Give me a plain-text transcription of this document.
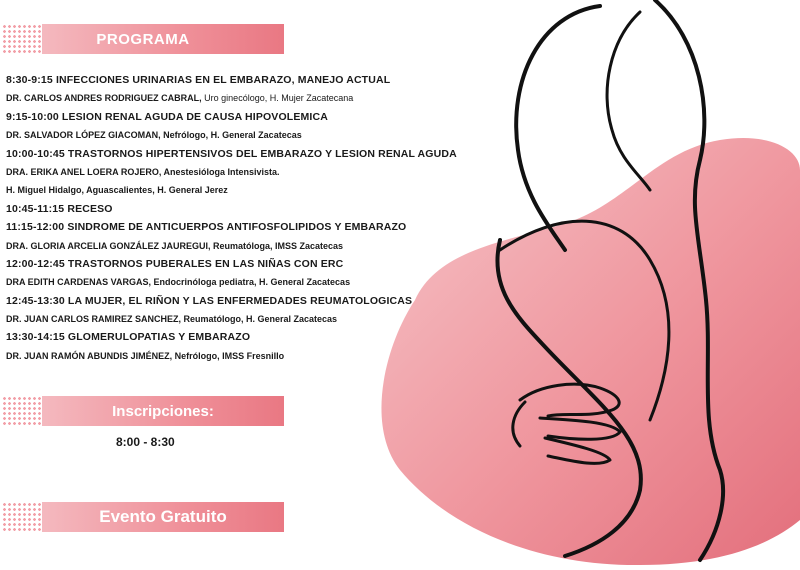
PROGRAMA
8:30-9:15 INFECCIONES URINARIAS EN EL EMBARAZO, MANEJO ACTUAL
DR. CARLOS ANDRES RODRIGUEZ CABRAL, Uro ginecólogo, H. Mujer Zacatecana
9:15-10:00 LESION RENAL AGUDA DE CAUSA HIPOVOLEMICA
DR. SALVADOR LÓPEZ GIACOMAN, Nefrólogo, H. General Zacatecas
10:00-10:45 TRASTORNOS HIPERTENSIVOS DEL EMBARAZO Y LESION RENAL AGUDA
DRA. ERIKA ANEL LOERA ROJERO, Anestesióloga Intensivista.
H. Miguel Hidalgo, Aguascalientes, H. General Jerez
10:45-11:15 RECESO
11:15-12:00 SINDROME DE ANTICUERPOS ANTIFOSFOLIPIDOS Y EMBARAZO
DRA. GLORIA ARCELIA GONZÁLEZ JAUREGUI, Reumatóloga, IMSS Zacatecas
12:00-12:45 TRASTORNOS PUBERALES EN LAS NIÑAS CON ERC
DRA EDITH CARDENAS VARGAS, Endocrinóloga pediatra, H. General Zacatecas
12:45-13:30 LA MUJER, EL RIÑON Y LAS ENFERMEDADES REUMATOLOGICAS
DR. JUAN CARLOS RAMIREZ SANCHEZ, Reumatólogo, H. General Zacatecas
13:30-14:15 GLOMERULOPATIAS Y EMBARAZO
DR. JUAN RAMÓN ABUNDIS JIMÉNEZ, Nefrólogo, IMSS Fresnillo
Inscripciones:
8:00 - 8:30
Evento Gratuito
